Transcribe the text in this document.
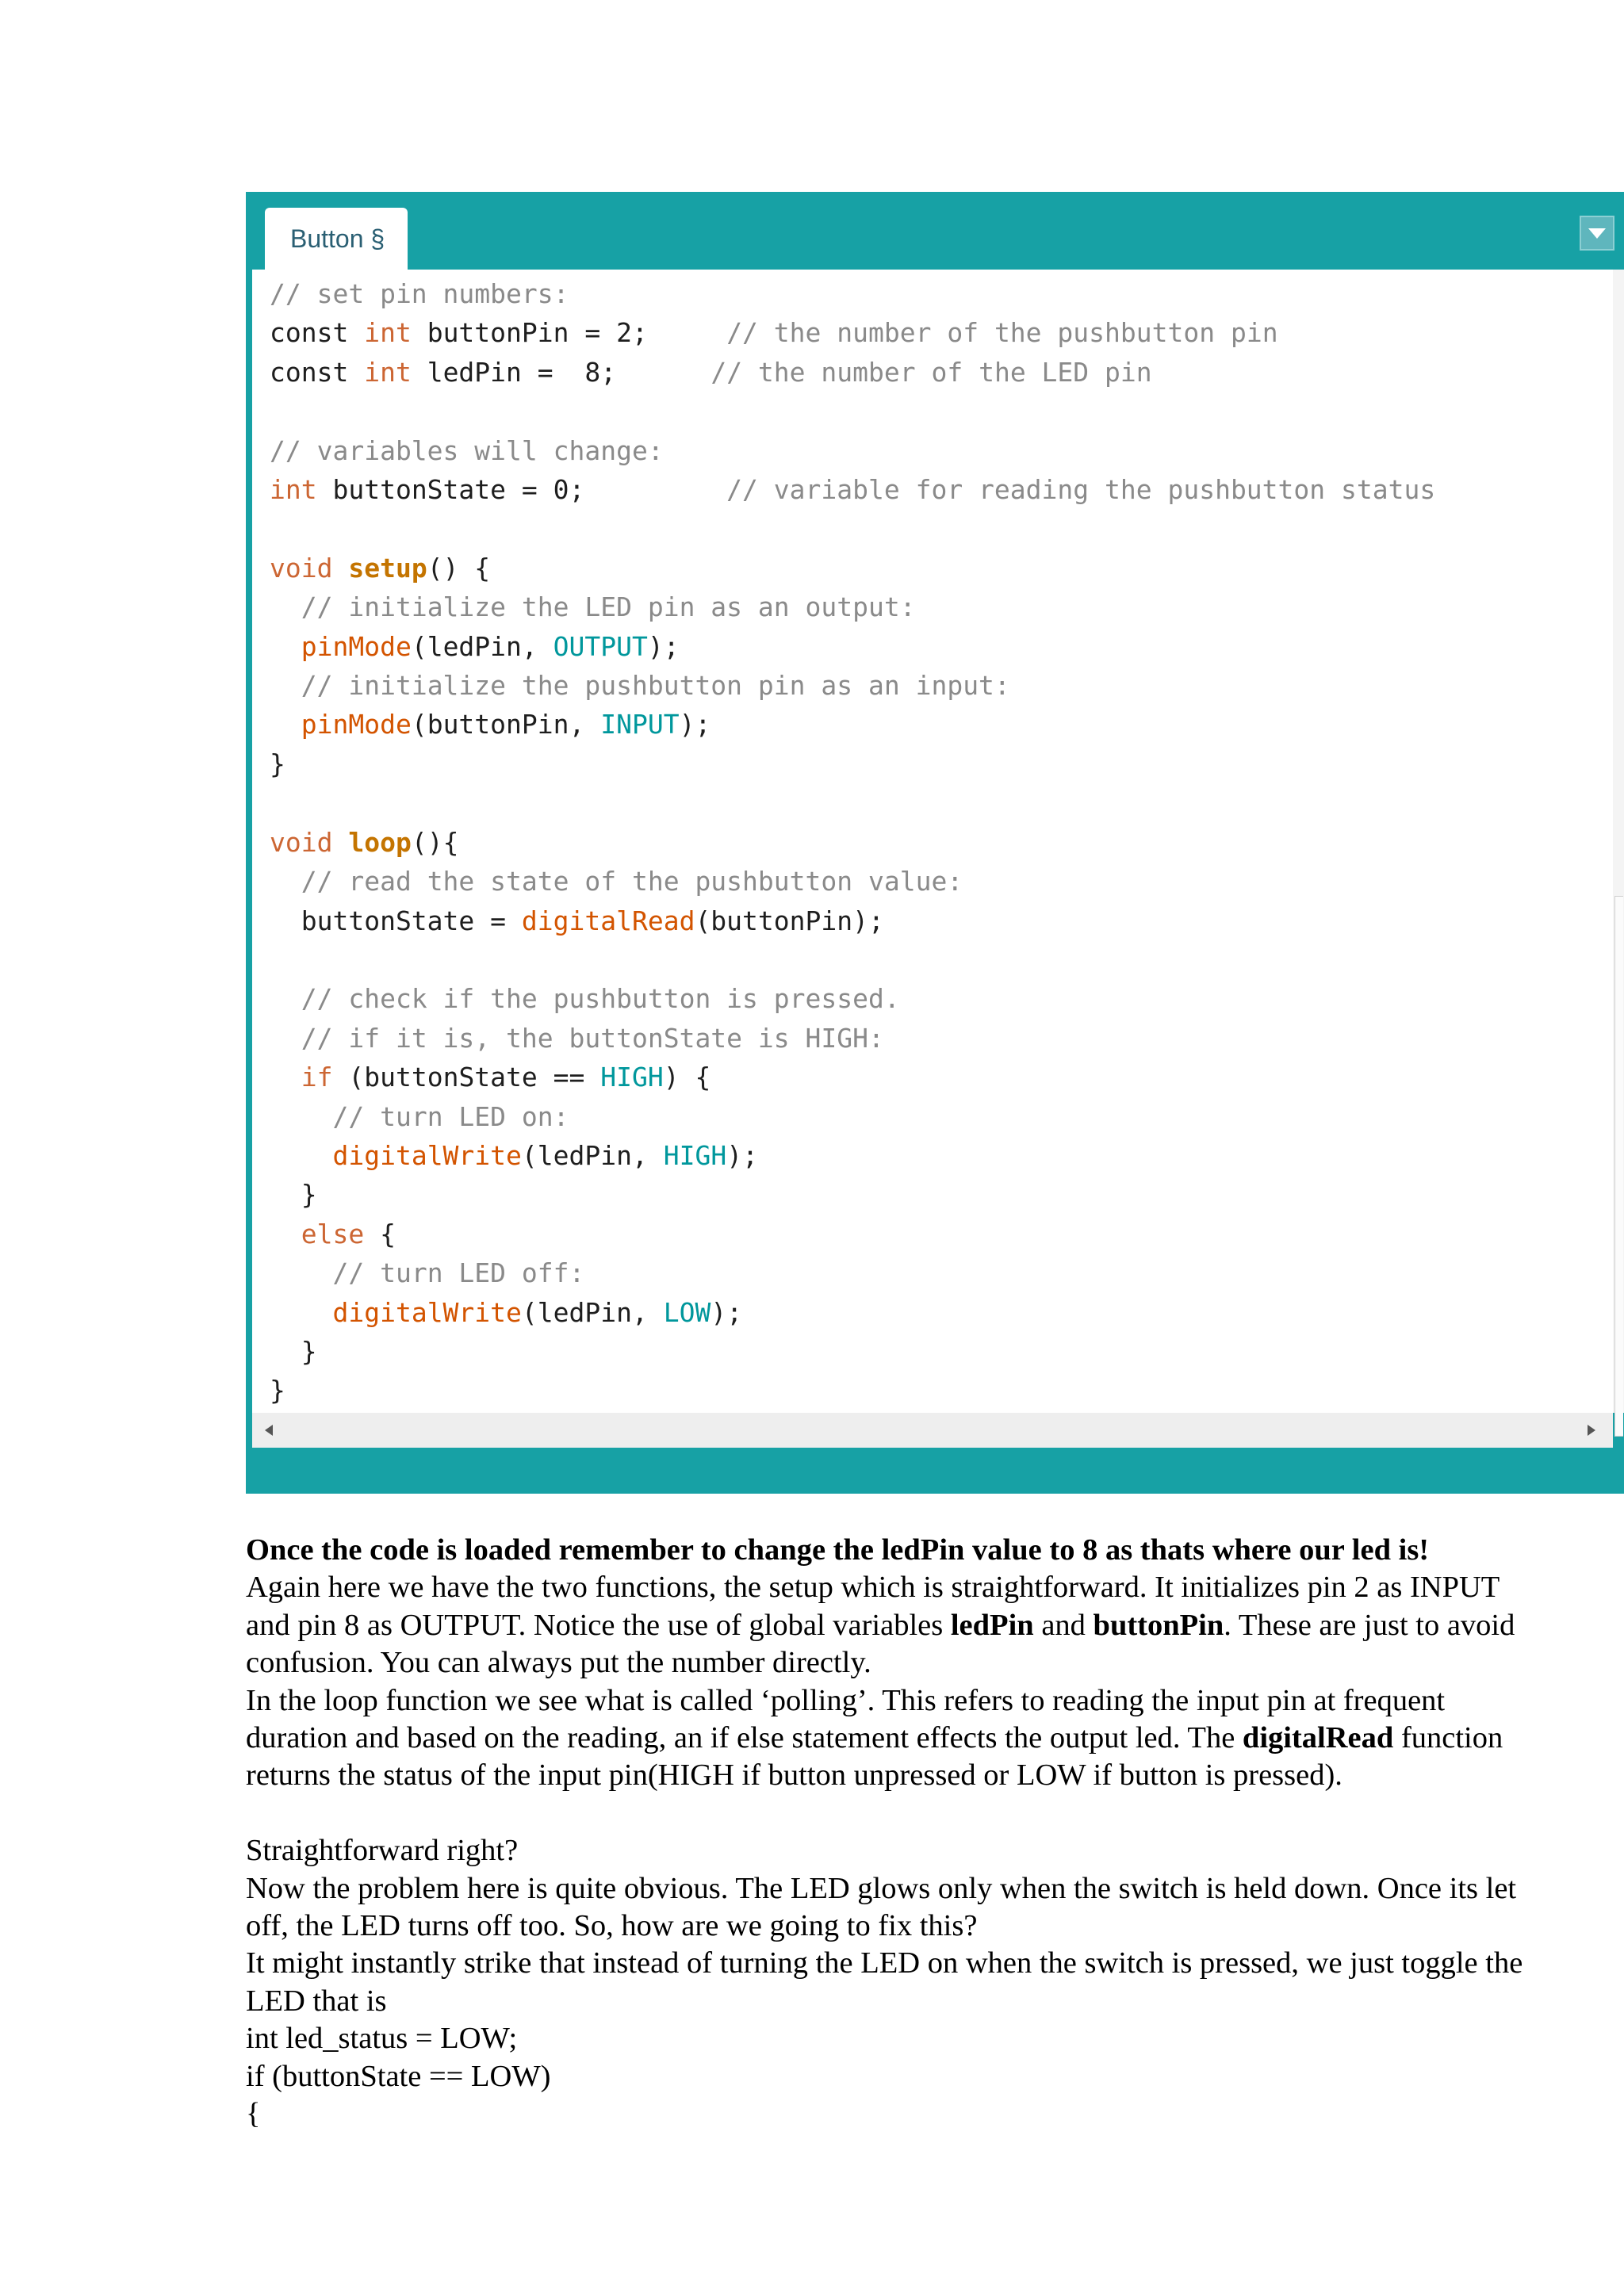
Button §
// set pin numbers:
const int buttonPin = 2;     // the number of the pushbutton pin
const int ledPin =  8;      // the number of the LED pin

// variables will change:
int buttonState = 0;         // variable for reading the pushbutton status

void setup() {
// initialize the LED pin as an output:
pinMode(ledPin, OUTPUT);
// initialize the pushbutton pin as an input:
pinMode(buttonPin, INPUT);
}

void loop(){
// read the state of the pushbutton value:
buttonState = digitalRead(buttonPin);

// check if the pushbutton is pressed.
// if it is, the buttonState is HIGH:
if (buttonState == HIGH) {
// turn LED on:
digitalWrite(ledPin, HIGH);
}
else {
// turn LED off:
digitalWrite(ledPin, LOW);
}
}

Once the code is loaded remember to change the ledPin value to 8 as thats where our led is!
Again here we have the two functions, the setup which is straightforward. It initializes pin 2 as INPUT and pin 8 as OUTPUT. Notice the use of global variables ledPin and buttonPin. These are just to avoid confusion. You can always put the number directly.
In the loop function we see what is called ‘polling’. This refers to reading the input pin at frequent duration and based on the reading, an if else statement effects the output led. The digitalRead function returns the status of the input pin(HIGH if button unpressed or LOW if button is pressed).

Straightforward right?
Now the problem here is quite obvious. The LED glows only when the switch is held down. Once its let off, the LED turns off too. So, how are we going to fix this?
It might instantly strike that instead of turning the LED on when the switch is pressed, we just toggle the LED that is
int led_status = LOW;
if (buttonState == LOW)
{
